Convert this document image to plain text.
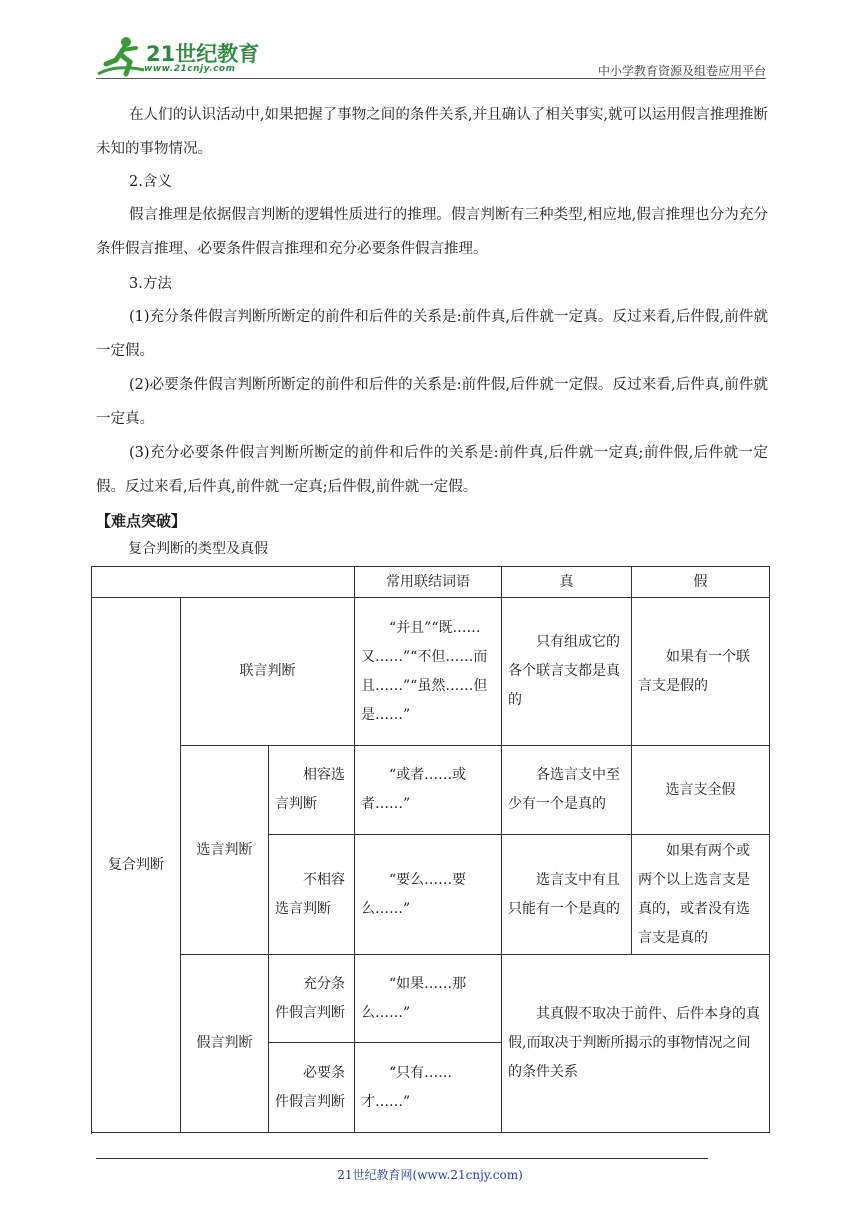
21世纪教育
www.21cnjy.com	中小学教育资源及组卷应用平台

在人们的认识活动中,如果把握了事物之间的条件关系,并且确认了相关事实,就可以运用假言推理推断未知的事物情况。

2.含义

假言推理是依据假言判断的逻辑性质进行的推理。假言判断有三种类型,相应地,假言推理也分为充分条件假言推理、必要条件假言推理和充分必要条件假言推理。

3.方法

(1)充分条件假言判断所断定的前件和后件的关系是:前件真,后件就一定真。反过来看,后件假,前件就一定假。

(2)必要条件假言判断所断定的前件和后件的关系是:前件假,后件就一定假。反过来看,后件真,前件就一定真。

(3)充分必要条件假言判断所断定的前件和后件的关系是:前件真,后件就一定真;前件假,后件就一定假。反过来看,后件真,前件就一定真;后件假,前件就一定假。

【难点突破】
复合判断的类型及真假
			常用联结词语	真	假
复合判断	联言判断		“并且”“既……又……”“不但……而且……”“虽然……但是……”	只有组成它的各个联言支都是真的	如果有一个联言支是假的
	选言判断	相容选言判断	“或者……或者……”	各选言支中至少有一个是真的	选言支全假
		不相容选言判断	“要么……要么……”	选言支中有且只能有一个是真的	如果有两个或两个以上选言支是真的，或者没有选言支是真的
	假言判断	充分条件假言判断	“如果……那么……”	其真假不取决于前件、后件本身的真假,而取决于判断所揭示的事物情况之间的条件关系	
		必要条件假言判断	“只有……才……”		

21世纪教育网(www.21cnjy.com)
